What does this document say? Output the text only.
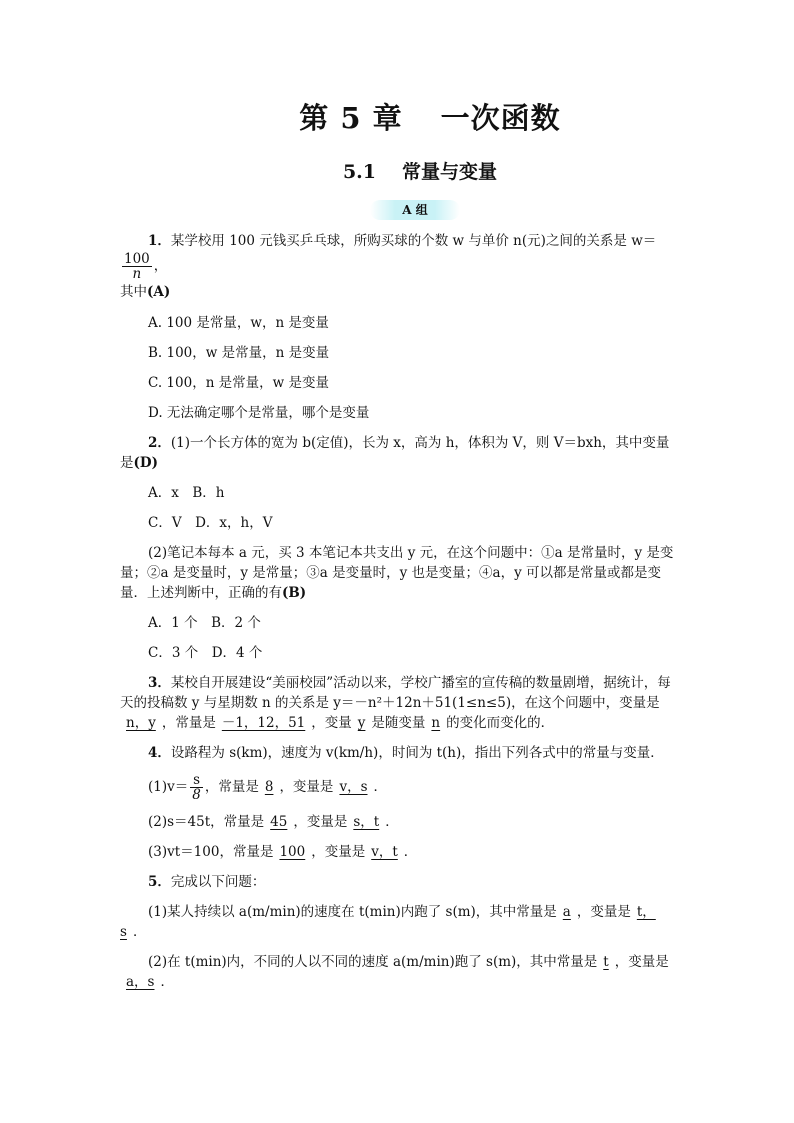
第 5 章 一次函数
5.1 常量与变量
A 组

1．某学校用 100 元钱买乒乓球，所购买球的个数 w 与单价 n(元)之间的关系是 w＝
$\frac{100}{n}$ ，
其中(A)

A. 100 是常量，w，n 是变量

B. 100，w 是常量，n 是变量

C. 100，n 是常量，w 是变量

D. 无法确定哪个是常量，哪个是变量

2．(1)一个长方体的宽为 b(定值)，长为 x，高为 h，体积为 V，则 V＝bxh，其中变量是(D)

A．x　B．h

C．V　D．x，h，V

(2)笔记本每本 a 元，买 3 本笔记本共支出 y 元，在这个问题中：①a 是常量时，y 是变量；②a 是变量时，y 是常量；③a 是变量时，y 也是变量；④a，y 可以都是常量或都是变量．上述判断中，正确的有(B)

A．1 个　B．2 个

C．3 个　D．4 个

3．某校自开展建设“美丽校园”活动以来，学校广播室的宣传稿的数量剧增，据统计，每天的投稿数 y 与星期数 n 的关系是 y＝－n²＋12n＋51(1≤n≤5)，在这个问题中，变量是n，y ，常量是 －1，12，51 ，变量 y 是随变量 n 的变化而变化的．

4．设路程为 s(km)，速度为 v(km/h)，时间为 t(h)，指出下列各式中的常量与变量．

$(1)v= \frac{s}{8}$ ，常量是 8 ，变量是 v，s ．

(2)s＝45t，常量是 45 ，变量是 s，t ．

(3)vt＝100，常量是 100 ，变量是 v，t ．

5．完成以下问题：

(1)某人持续以 a(m/min)的速度在 t(min)内跑了 s(m)，其中常量是 a ，变量是 t，s ．

(2)在 t(min)内，不同的人以不同的速度 a(m/min)跑了 s(m)，其中常量是 t ，变量是a，s ．
